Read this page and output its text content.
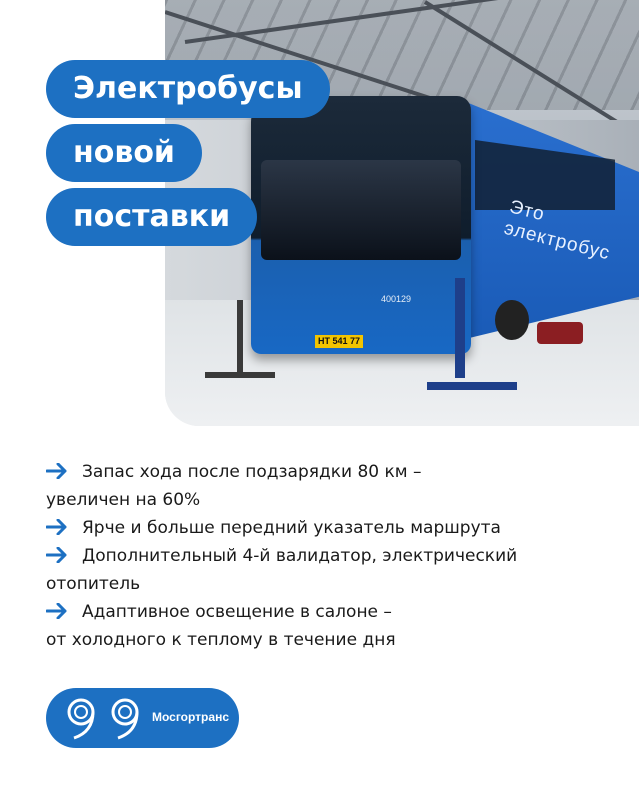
Это электробус
400129
НТ 541 77
Электробусы
новой
поставки
Запас хода после подзарядки 80 км –
увеличен на 60%
Ярче и больше передний указатель маршрута
Дополнительный 4-й валидатор, электрический
отопитель
Адаптивное освещение в салоне –
от холодного к теплому в течение дня
Мосгортранс
